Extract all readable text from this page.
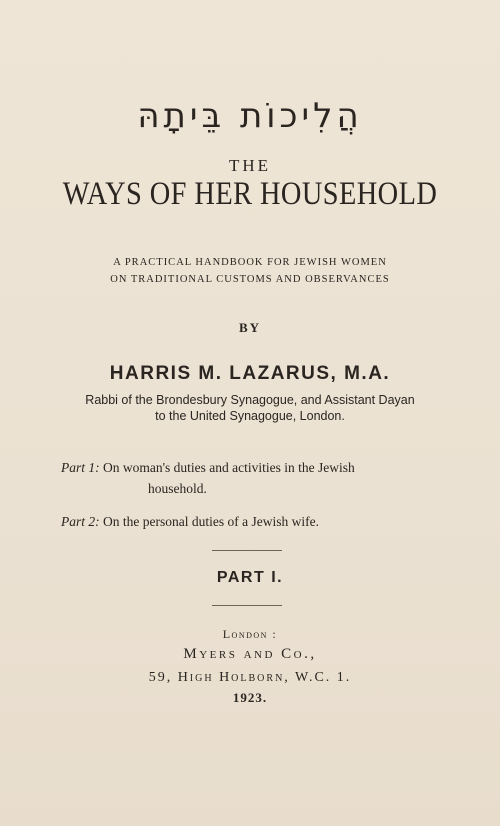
הֲלִיכוֹת בֵּיתָהּ
THE
WAYS OF HER HOUSEHOLD
A PRACTICAL HANDBOOK FOR JEWISH WOMEN
ON TRADITIONAL CUSTOMS AND OBSERVANCES
BY
HARRIS M. LAZARUS, M.A.
Rabbi of the Brondesbury Synagogue, and Assistant Dayan
to the United Synagogue, London.
Part 1: On woman's duties and activities in the Jewish
household.
Part 2: On the personal duties of a Jewish wife.
PART I.
London :
Myers and Co.,
59, High Holborn, W.C. 1.
1923.
